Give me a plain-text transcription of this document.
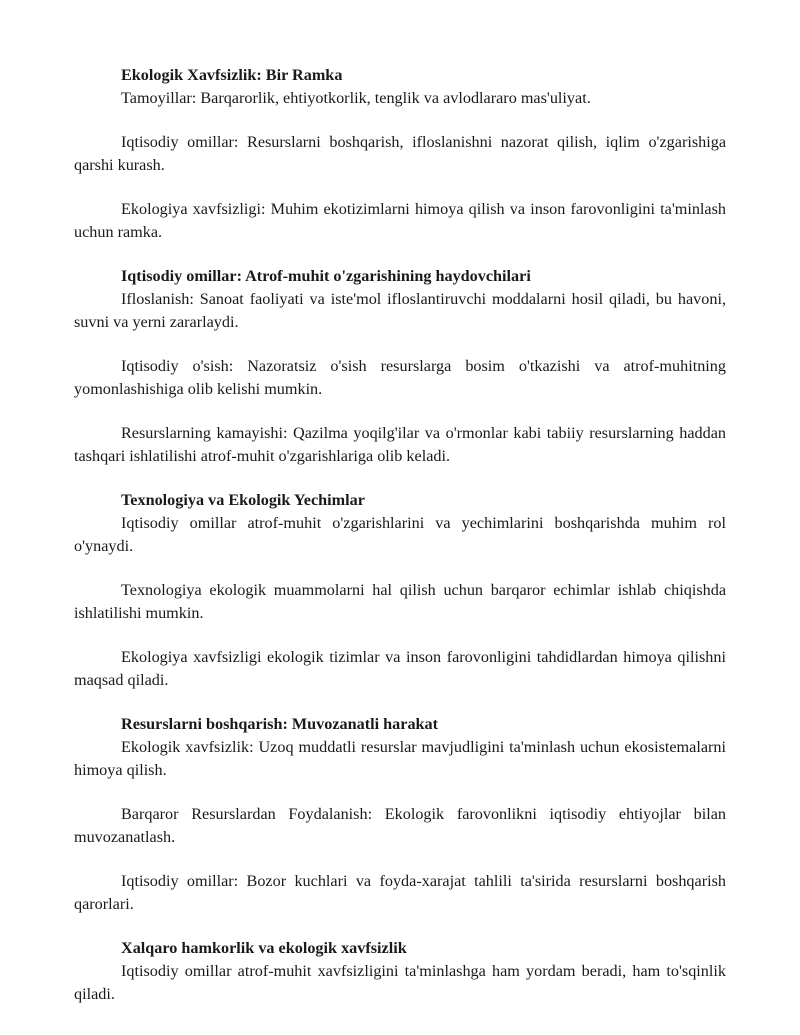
Ekologik Xavfsizlik: Bir Ramka

Tamoyillar: Barqarorlik, ehtiyotkorlik, tenglik va avlodlararo mas'uliyat.

Iqtisodiy omillar: Resurslarni boshqarish, ifloslanishni nazorat qilish, iqlim o'zgarishiga qarshi kurash.

Ekologiya xavfsizligi: Muhim ekotizimlarni himoya qilish va inson farovonligini ta'minlash uchun ramka.

Iqtisodiy omillar: Atrof-muhit o'zgarishining haydovchilari

Ifloslanish: Sanoat faoliyati va iste'mol ifloslantiruvchi moddalarni hosil qiladi, bu havoni, suvni va yerni zararlaydi.

Iqtisodiy o'sish: Nazoratsiz o'sish resurslarga bosim o'tkazishi va atrof-muhitning yomonlashishiga olib kelishi mumkin.

Resurslarning kamayishi: Qazilma yoqilg'ilar va o'rmonlar kabi tabiiy resurslarning haddan tashqari ishlatilishi atrof-muhit o'zgarishlariga olib keladi.

Texnologiya va Ekologik Yechimlar

Iqtisodiy omillar atrof-muhit o'zgarishlarini va yechimlarini boshqarishda muhim rol o'ynaydi.

Texnologiya ekologik muammolarni hal qilish uchun barqaror echimlar ishlab chiqishda ishlatilishi mumkin.

Ekologiya xavfsizligi ekologik tizimlar va inson farovonligini tahdidlardan himoya qilishni maqsad qiladi.

Resurslarni boshqarish: Muvozanatli harakat

Ekologik xavfsizlik: Uzoq muddatli resurslar mavjudligini ta'minlash uchun ekosistemalarni himoya qilish.

Barqaror Resurslardan Foydalanish: Ekologik farovonlikni iqtisodiy ehtiyojlar bilan muvozanatlash.

Iqtisodiy omillar: Bozor kuchlari va foyda-xarajat tahlili ta'sirida resurslarni boshqarish qarorlari.

Xalqaro hamkorlik va ekologik xavfsizlik

Iqtisodiy omillar atrof-muhit xavfsizligini ta'minlashga ham yordam beradi, ham to'sqinlik qiladi.
